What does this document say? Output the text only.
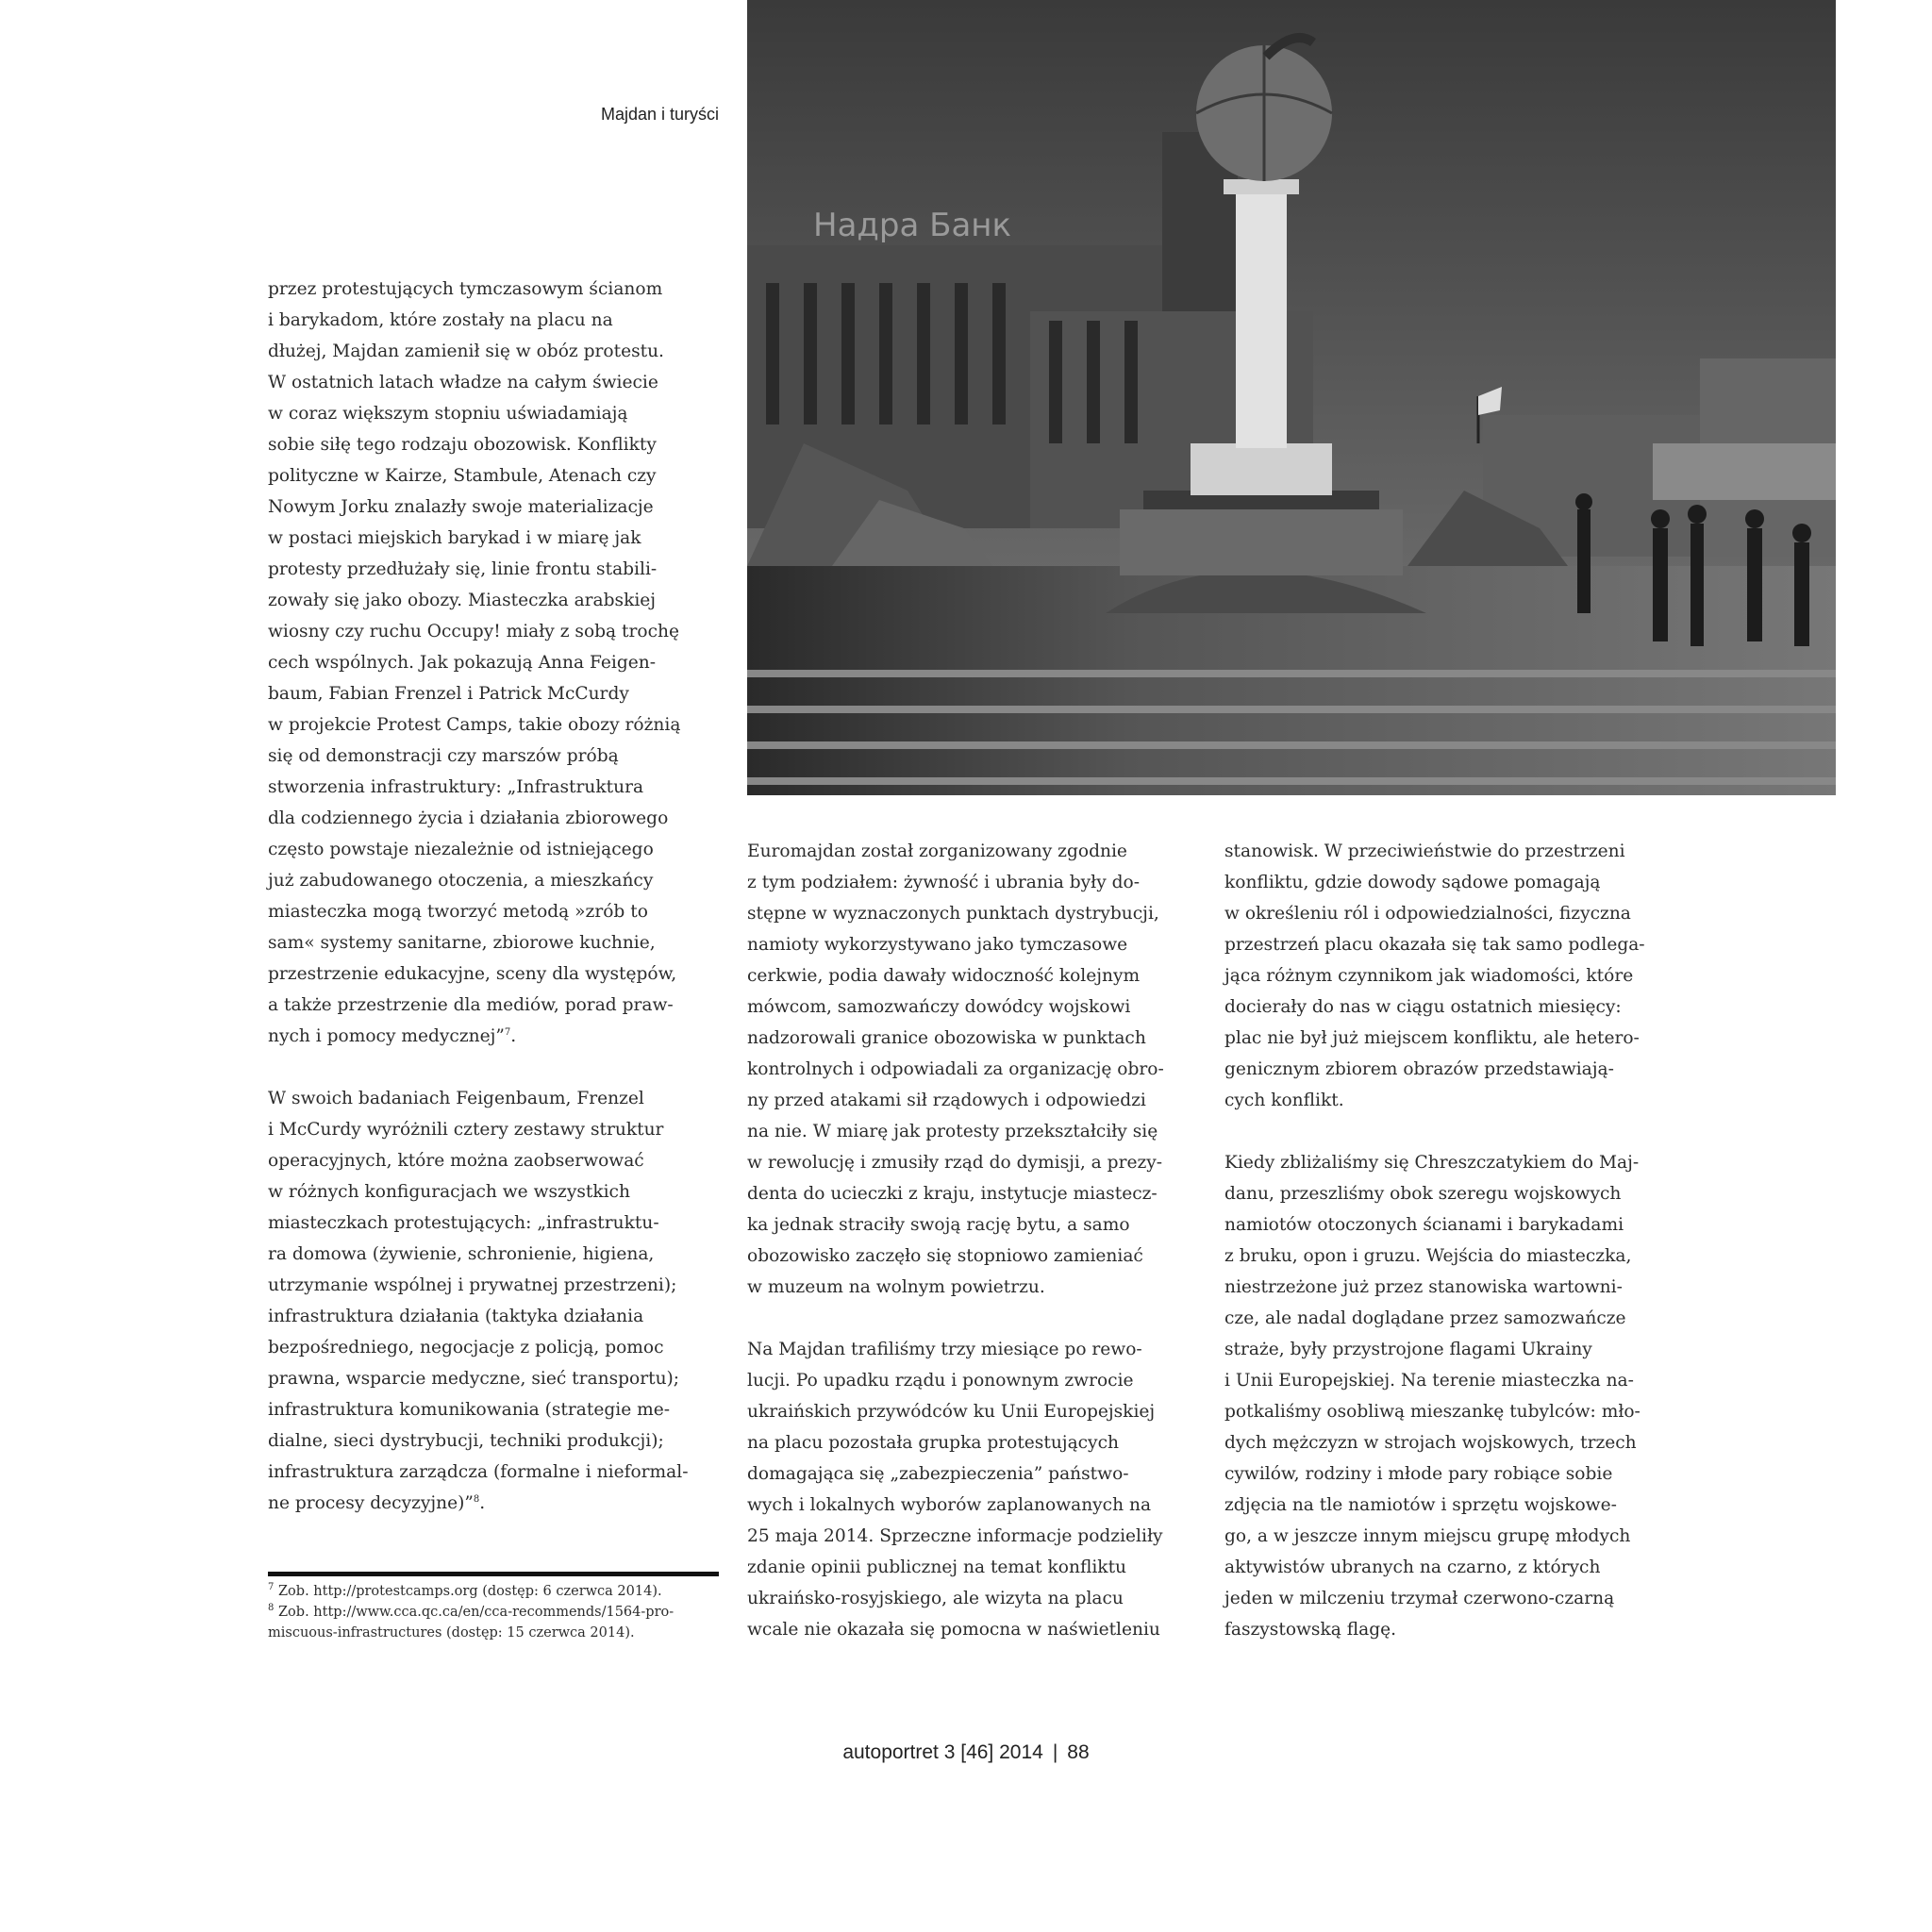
Majdan i turyści
Надра Банк

przez protestujących tymczasowym ścianom
i barykadom, które zostały na placu na
dłużej, Majdan zamienił się w obóz protestu.
W ostatnich latach władze na całym świecie
w coraz większym stopniu uświadamiają
sobie siłę tego rodzaju obozowisk. Konflikty
polityczne w Kairze, Stambule, Atenach czy
Nowym Jorku znalazły swoje materializacje
w postaci miejskich barykad i w miarę jak
protesty przedłużały się, linie frontu stabili-
zowały się jako obozy. Miasteczka arabskiej
wiosny czy ruchu Occupy! miały z sobą trochę
cech wspólnych. Jak pokazują Anna Feigen-
baum, Fabian Frenzel i Patrick McCurdy
w projekcie Protest Camps, takie obozy różnią
się od demonstracji czy marszów próbą
stworzenia infrastruktury: „Infrastruktura
dla codziennego życia i działania zbiorowego
często powstaje niezależnie od istniejącego
już zabudowanego otoczenia, a mieszkańcy
miasteczka mogą tworzyć metodą »zrób to
sam« systemy sanitarne, zbiorowe kuchnie,
przestrzenie edukacyjne, sceny dla występów,
a także przestrzenie dla mediów, porad praw-
nych i pomocy medycznej”$^7$.

W swoich badaniach Feigenbaum, Frenzel
i McCurdy wyróżnili cztery zestawy struktur
operacyjnych, które można zaobserwować
w różnych konfiguracjach we wszystkich
miasteczkach protestujących: „infrastruktu-
ra domowa (żywienie, schronienie, higiena,
utrzymanie wspólnej i prywatnej przestrzeni);
infrastruktura działania (taktyka działania
bezpośredniego, negocjacje z policją, pomoc
prawna, wsparcie medyczne, sieć transportu);
infrastruktura komunikowania (strategie me-
dialne, sieci dystrybucji, techniki produkcji);
infrastruktura zarządcza (formalne i nieformal-
ne procesy decyzyjne)”$^8$.

Euromajdan został zorganizowany zgodnie
z tym podziałem: żywność i ubrania były do-
stępne w wyznaczonych punktach dystrybucji,
namioty wykorzystywano jako tymczasowe
cerkwie, podia dawały widoczność kolejnym
mówcom, samozwańczy dowódcy wojskowi
nadzorowali granice obozowiska w punktach
kontrolnych i odpowiadali za organizację obro-
ny przed atakami sił rządowych i odpowiedzi
na nie. W miarę jak protesty przekształciły się
w rewolucję i zmusiły rząd do dymisji, a prezy-
denta do ucieczki z kraju, instytucje miastecz-
ka jednak straciły swoją rację bytu, a samo
obozowisko zaczęło się stopniowo zamieniać
w muzeum na wolnym powietrzu.

Na Majdan trafiliśmy trzy miesiące po rewo-
lucji. Po upadku rządu i ponownym zwrocie
ukraińskich przywódców ku Unii Europejskiej
na placu pozostała grupka protestujących
domagająca się „zabezpieczenia” państwo-
wych i lokalnych wyborów zaplanowanych na
25 maja 2014. Sprzeczne informacje podzieliły
zdanie opinii publicznej na temat konfliktu
ukraińsko-rosyjskiego, ale wizyta na placu
wcale nie okazała się pomocna w naświetleniu

stanowisk. W przeciwieństwie do przestrzeni
konfliktu, gdzie dowody sądowe pomagają
w określeniu ról i odpowiedzialności, fizyczna
przestrzeń placu okazała się tak samo podlega-
jąca różnym czynnikom jak wiadomości, które
docierały do nas w ciągu ostatnich miesięcy:
plac nie był już miejscem konfliktu, ale hetero-
genicznym zbiorem obrazów przedstawiają-
cych konflikt.

Kiedy zbliżaliśmy się Chreszczatykiem do Maj-
danu, przeszliśmy obok szeregu wojskowych
namiotów otoczonych ścianami i barykadami
z bruku, opon i gruzu. Wejścia do miasteczka,
niestrzeżone już przez stanowiska wartowni-
cze, ale nadal doglądane przez samozwańcze
straże, były przystrojone flagami Ukrainy
i Unii Europejskiej. Na terenie miasteczka na-
potkaliśmy osobliwą mieszankę tubylców: mło-
dych mężczyzn w strojach wojskowych, trzech
cywilów, rodziny i młode pary robiące sobie
zdjęcia na tle namiotów i sprzętu wojskowe-
go, a w jeszcze innym miejscu grupę młodych
aktywistów ubranych na czarno, z których
jeden w milczeniu trzymał czerwono-czarną
faszystowską flagę.

$^7$ Zob. http://protestcamps.org (dostęp: 6 czerwca 2014).
$^8$ Zob. http://www.cca.qc.ca/en/cca-recommends/1564-pro-
miscuous-infrastructures (dostęp: 15 czerwca 2014).
autoportret 3 [46] 2014 | 88
